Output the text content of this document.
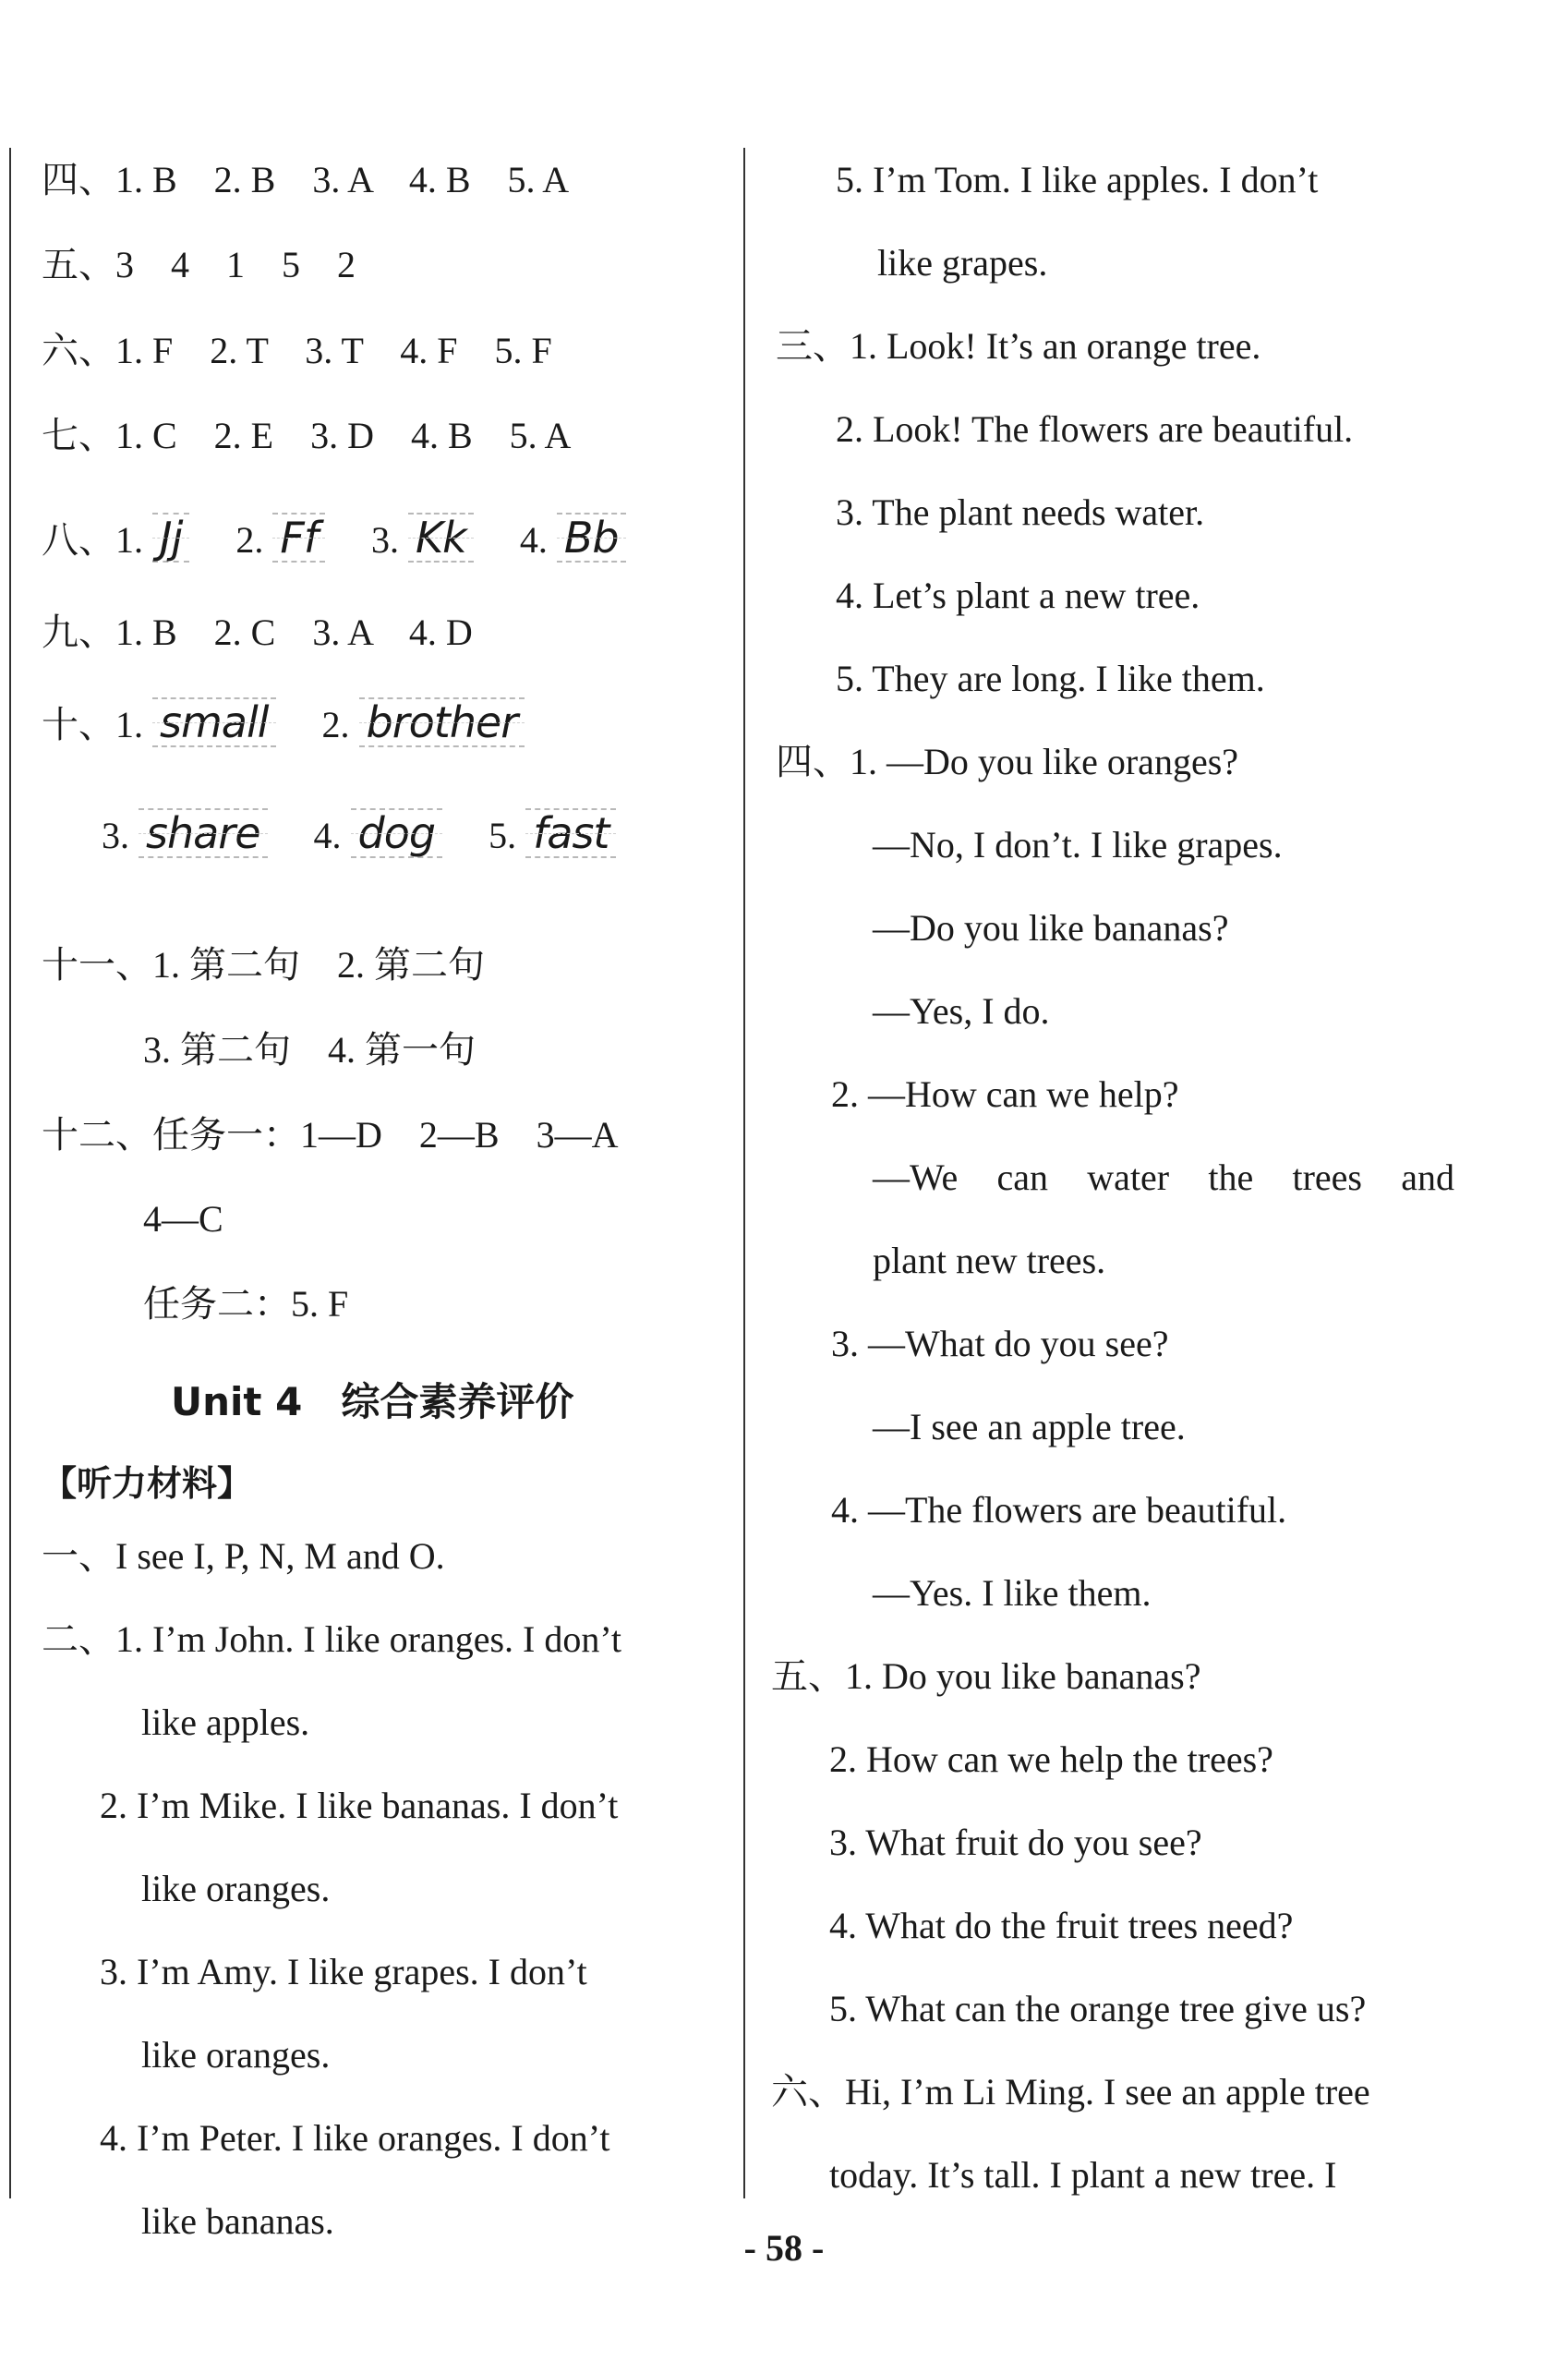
四、1. B　2. B　3. A　4. B　5. A
五、3　4　1　5　2
六、1. F　2. T　3. T　4. F　5. F
七、1. C　2. E　3. D　4. B　5. A
八、1. Jj 2. Ff 3. Kk 4. Bb
九、1. B　2. C　3. A　4. D
十、1. small 2. brother
3. share 4. dog 5. fast
十一、1. 第二句　2. 第二句
3. 第二句　4. 第一句
十二、任务一：1—D　2—B　3—A
4—C
任务二：5. F
Unit 4　综合素养评价
【听力材料】
一、I see I, P, N, M and O.
二、1. I’m John. I like oranges. I don’t
like apples.
2. I’m Mike. I like bananas. I don’t
like oranges.
3. I’m Amy. I like grapes. I don’t
like oranges.
4. I’m Peter. I like oranges. I don’t
like bananas.
5. I’m Tom. I like apples. I don’t
like grapes.
三、1. Look! It’s an orange tree.
2. Look! The flowers are beautiful.
3. The plant needs water.
4. Let’s plant a new tree.
5. They are long. I like them.
四、1. —Do you like oranges?
—No, I don’t. I like grapes.
—Do you like bananas?
—Yes, I do.
2. —How can we help?
—We can water the trees and
plant new trees.
3. —What do you see?
—I see an apple tree.
4. —The flowers are beautiful.
—Yes. I like them.
五、1. Do you like bananas?
2. How can we help the trees?
3. What fruit do you see?
4. What do the fruit trees need?
5. What can the orange tree give us?
六、Hi, I’m Li Ming. I see an apple tree
today. It’s tall. I plant a new tree. I
- 58 -
